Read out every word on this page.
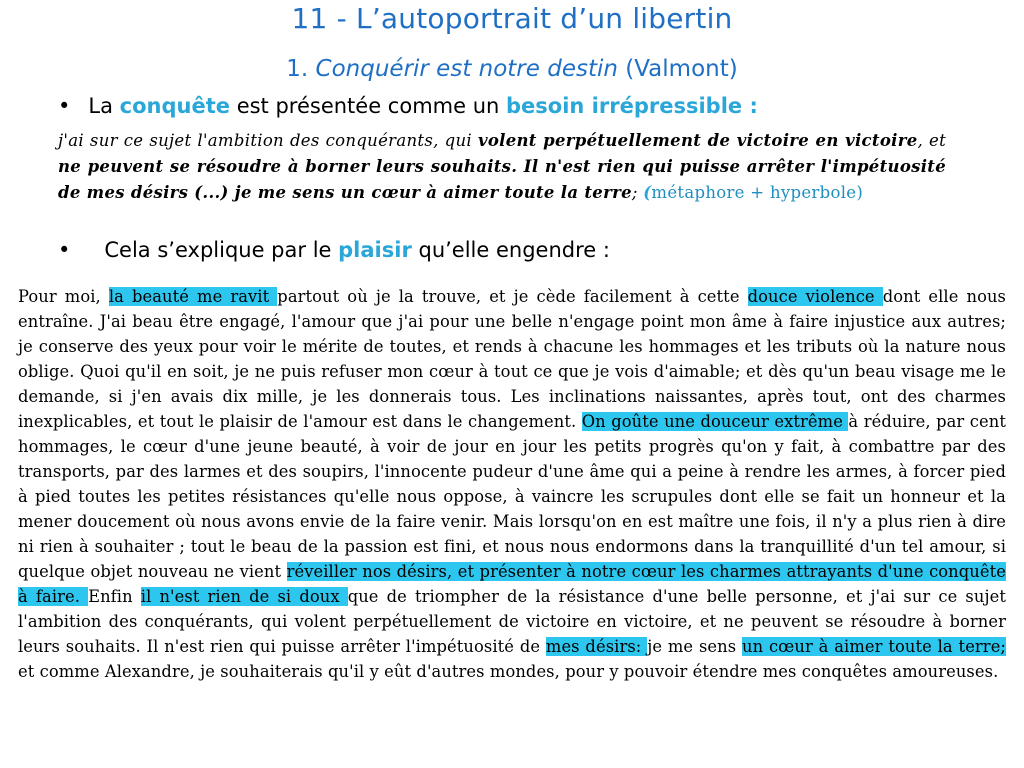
11 - L’autoportrait d’un libertin
1. Conquérir est notre destin (Valmont)
• La conquête est présentée comme un besoin irrépressible :
j'ai sur ce sujet l'ambition des conquérants, qui volent perpétuellement de victoire en victoire, et ne peuvent se résoudre à borner leurs souhaits. Il n'est rien qui puisse arrêter l'impétuosité de mes désirs (...) je me sens un cœur à aimer toute la terre; (métaphore + hyperbole)
• Cela s’explique par le plaisir qu’elle engendre :
Pour moi, la beauté me ravit partout où je la trouve, et je cède facilement à cette douce violence dont elle nous entraîne. J'ai beau être engagé, l'amour que j'ai pour une belle n'engage point mon âme à faire injustice aux autres; je conserve des yeux pour voir le mérite de toutes, et rends à chacune les hommages et les tributs où la nature nous oblige. Quoi qu'il en soit, je ne puis refuser mon cœur à tout ce que je vois d'aimable; et dès qu'un beau visage me le demande, si j'en avais dix mille, je les donnerais tous. Les inclinations naissantes, après tout, ont des charmes inexplicables, et tout le plaisir de l'amour est dans le changement. On goûte une douceur extrême à réduire, par cent hommages, le cœur d'une jeune beauté, à voir de jour en jour les petits progrès qu'on y fait, à combattre par des transports, par des larmes et des soupirs, l'innocente pudeur d'une âme qui a peine à rendre les armes, à forcer pied à pied toutes les petites résistances qu'elle nous oppose, à vaincre les scrupules dont elle se fait un honneur et la mener doucement où nous avons envie de la faire venir. Mais lorsqu'on en est maître une fois, il n'y a plus rien à dire ni rien à souhaiter ; tout le beau de la passion est fini, et nous nous endormons dans la tranquillité d'un tel amour, si quelque objet nouveau ne vient réveiller nos désirs, et présenter à notre cœur les charmes attrayants d'une conquête à faire. Enfin il n'est rien de si doux que de triompher de la résistance d'une belle personne, et j'ai sur ce sujet l'ambition des conquérants, qui volent perpétuellement de victoire en victoire, et ne peuvent se résoudre à borner leurs souhaits. Il n'est rien qui puisse arrêter l'impétuosité de mes désirs: je me sens un cœur à aimer toute la terre; et comme Alexandre, je souhaiterais qu'il y eût d'autres mondes, pour y pouvoir étendre mes conquêtes amoureuses.
